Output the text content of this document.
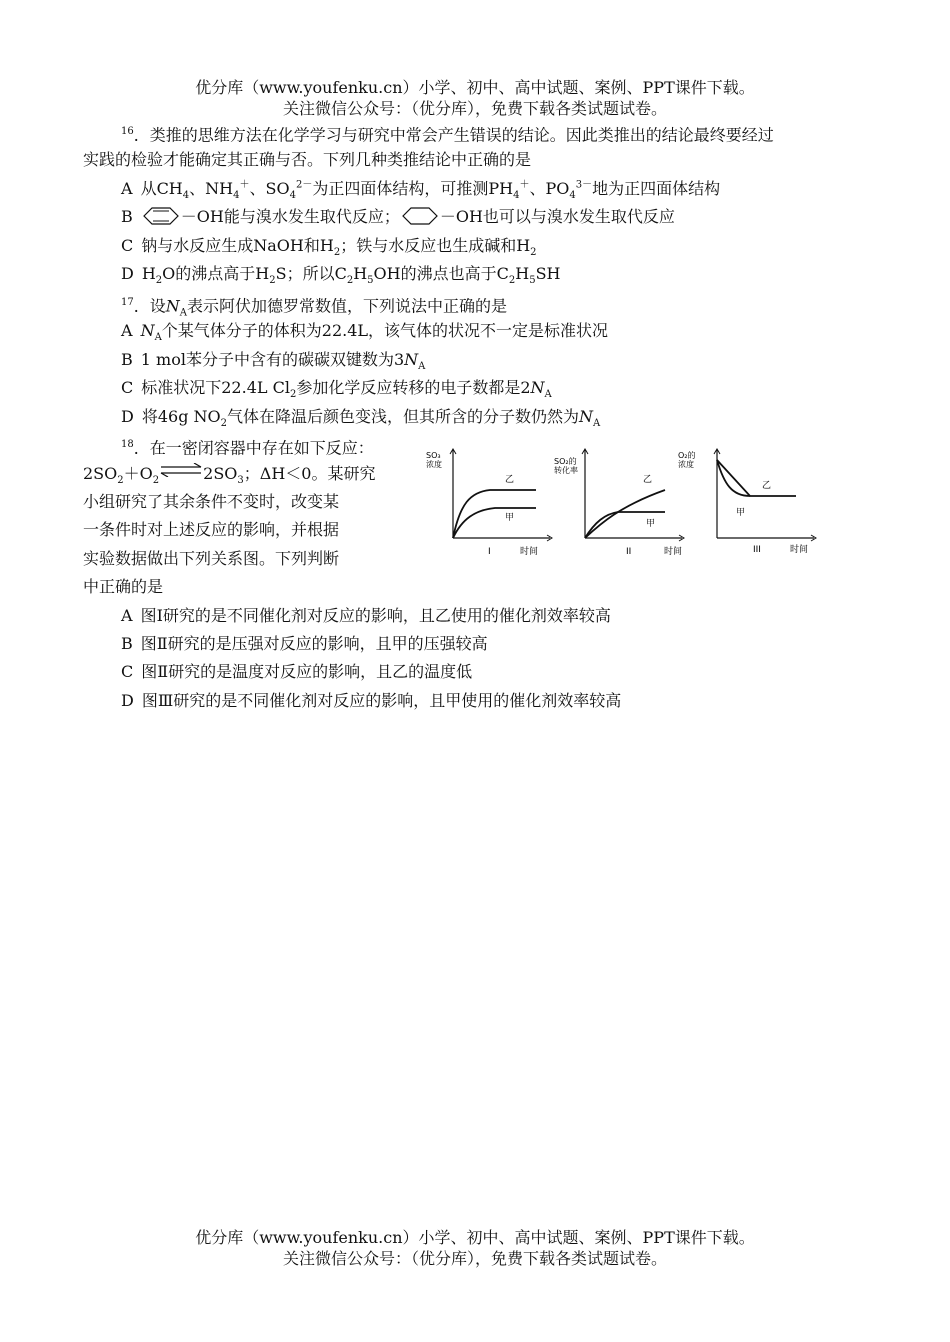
优分库（www.youfenku.cn）小学、初中、高中试题、案例、PPT课件下载。
关注微信公众号：（优分库），免费下载各类试题试卷。
$^{16}$．类推的思维方法在化学学习与研究中常会产生错误的结论。因此类推出的结论最终要经过
实践的检验才能确定其正确与否。下列几种类推结论中正确的是
A 从$CH_4$、$NH_4^+$、$SO_4^{2-}$为正四面体结构，可推测$PH_4^+$、$PO_4^{3-}$地为正四面体结构
B	－OH能与溴水发生取代反应；	－OH也可以与溴水发生取代反应
C 钠与水反应生成NaOH和$H_2$；铁与水反应也生成碱和$H_2$
D $H_2O$的沸点高于$H_2S$；所以$C_2H_5OH$的沸点也高于$C_2H_5SH$
$^{17}$．设$N_A$表示阿伏加德罗常数值，下列说法中正确的是
A $N_A$个某气体分子的体积为22.4L，该气体的状况不一定是标准状况
B 1 mol苯分子中含有的碳碳双键数为$3N_A$
C 标准状况下22.4L $Cl_2$参加化学反应转移的电子数都是$2N_A$
D 将46g $NO_2$气体在降温后颜色变浅，但其所含的分子数仍然为$N_A$
$^{18}$．在一密闭容器中存在如下反应：
$2SO_2+O_2$ $\rightleftharpoons 2SO_3$；ΔH＜0。某研究
小组研究了其余条件不变时，改变某
一条件时对上述反应的影响，并根据
实验数据做出下列关系图。下列判断
中正确的是
SO₃
浓度
乙
甲
I	时间
SO₂的
转化率
乙
甲
II	时间
O₂的
浓度
乙
甲
III	时间
A 图Ⅰ研究的是不同催化剂对反应的影响，且乙使用的催化剂效率较高
B 图Ⅱ研究的是压强对反应的影响，且甲的压强较高
C 图Ⅱ研究的是温度对反应的影响，且乙的温度低
D 图Ⅲ研究的是不同催化剂对反应的影响，且甲使用的催化剂效率较高
优分库（www.youfenku.cn）小学、初中、高中试题、案例、PPT课件下载。
关注微信公众号：（优分库），免费下载各类试题试卷。
